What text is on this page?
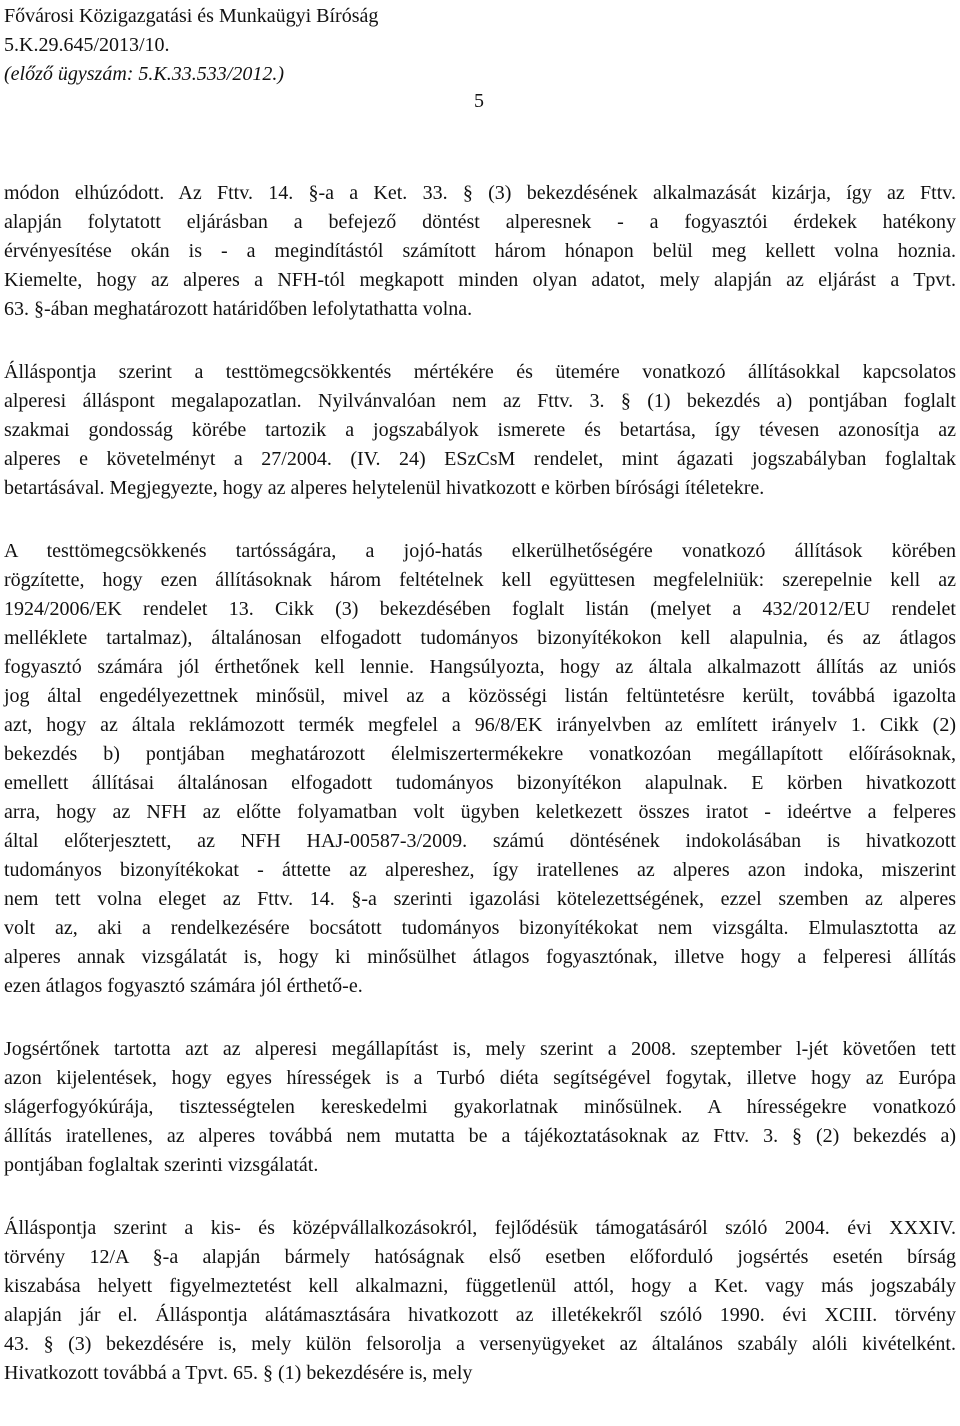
Fővárosi Közigazgatási és Munkaügyi Bíróság
5.K.29.645/2013/10.
(előző ügyszám: 5.K.33.533/2012.)
5
módon elhúzódott. Az Fttv. 14. §-a a Ket. 33. § (3) bekezdésének alkalmazását kizárja, így az Fttv.
alapján folytatott eljárásban a befejező döntést alperesnek - a fogyasztói érdekek hatékony
érvényesítése okán is - a megindítástól számított három hónapon belül meg kellett volna hoznia.
Kiemelte, hogy az alperes a NFH-tól megkapott minden olyan adatot, mely alapján az eljárást a Tpvt.
63. §-ában meghatározott határidőben lefolytathatta volna.
Álláspontja szerint a testtömegcsökkentés mértékére és ütemére vonatkozó állításokkal kapcsolatos
alperesi álláspont megalapozatlan. Nyilvánvalóan nem az Fttv. 3. § (1) bekezdés a) pontjában foglalt
szakmai gondosság körébe tartozik a jogszabályok ismerete és betartása, így tévesen azonosítja az
alperes e követelményt a 27/2004. (IV. 24) ESzCsM rendelet, mint ágazati jogszabályban foglaltak
betartásával. Megjegyezte, hogy az alperes helytelenül hivatkozott e körben bírósági ítéletekre.
A testtömegcsökkenés tartósságára, a jojó-hatás elkerülhetőségére vonatkozó állítások körében
rögzítette, hogy ezen állításoknak három feltételnek kell együttesen megfelelniük: szerepelnie kell az
1924/2006/EK rendelet 13. Cikk (3) bekezdésében foglalt listán (melyet a 432/2012/EU rendelet
melléklete tartalmaz), általánosan elfogadott tudományos bizonyítékokon kell alapulnia, és az átlagos
fogyasztó számára jól érthetőnek kell lennie. Hangsúlyozta, hogy az általa alkalmazott állítás az uniós
jog által engedélyezettnek minősül, mivel az a közösségi listán feltüntetésre került, továbbá igazolta
azt, hogy az általa reklámozott termék megfelel a 96/8/EK irányelvben az említett irányelv 1. Cikk (2)
bekezdés b) pontjában meghatározott élelmiszertermékekre vonatkozóan megállapított előírásoknak,
emellett állításai általánosan elfogadott tudományos bizonyítékon alapulnak. E körben hivatkozott
arra, hogy az NFH az előtte folyamatban volt ügyben keletkezett összes iratot - ideértve a felperes
által előterjesztett, az NFH HAJ-00587-3/2009. számú döntésének indokolásában is hivatkozott
tudományos bizonyítékokat - áttette az alpereshez, így iratellenes az alperes azon indoka, miszerint
nem tett volna eleget az Fttv. 14. §-a szerinti igazolási kötelezettségének, ezzel szemben az alperes
volt az, aki a rendelkezésére bocsátott tudományos bizonyítékokat nem vizsgálta. Elmulasztotta az
alperes annak vizsgálatát is, hogy ki minősülhet átlagos fogyasztónak, illetve hogy a felperesi állítás
ezen átlagos fogyasztó számára jól érthető-e.
Jogsértőnek tartotta azt az alperesi megállapítást is, mely szerint a 2008. szeptember l-jét követően tett
azon kijelentések, hogy egyes hírességek is a Turbó diéta segítségével fogytak, illetve hogy az Európa
slágerfogyókúrája, tisztességtelen kereskedelmi gyakorlatnak minősülnek. A hírességekre vonatkozó
állítás iratellenes, az alperes továbbá nem mutatta be a tájékoztatásoknak az Fttv. 3. § (2) bekezdés a)
pontjában foglaltak szerinti vizsgálatát.
Álláspontja szerint a kis- és középvállalkozásokról, fejlődésük támogatásáról szóló 2004. évi XXXIV.
törvény 12/A §-a alapján bármely hatóságnak első esetben előforduló jogsértés esetén bírság
kiszabása helyett figyelmeztetést kell alkalmazni, függetlenül attól, hogy a Ket. vagy más jogszabály
alapján jár el. Álláspontja alátámasztására hivatkozott az illetékekről szóló 1990. évi XCIII. törvény
43. § (3) bekezdésére is, mely külön felsorolja a versenyügyeket az általános szabály alóli kivételként.
Hivatkozott továbbá a Tpvt. 65. § (1) bekezdésére is, mely
